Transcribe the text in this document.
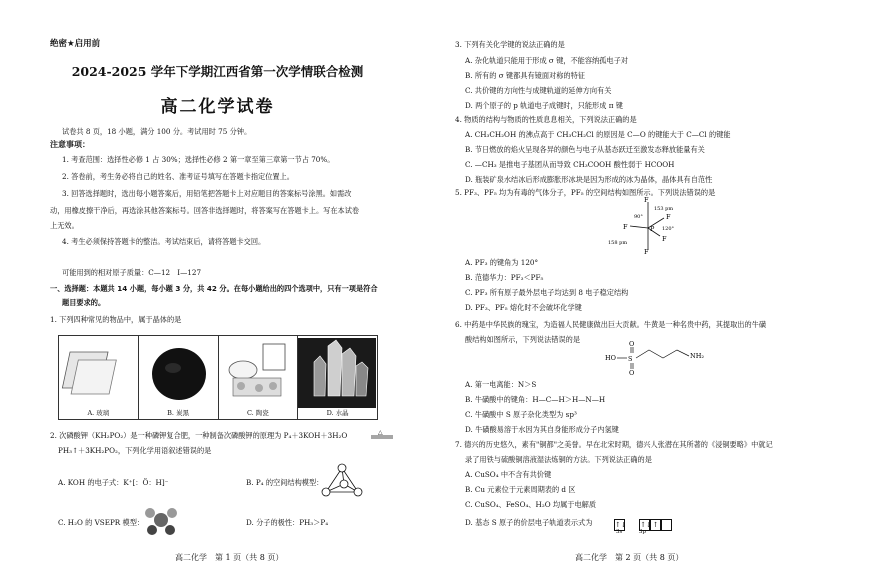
绝密★启用前
2024-2025 学年下学期江西省第一次学情联合检测
高二化学试卷
试卷共 8 页，18 小题，满分 100 分。考试用时 75 分钟。
注意事项：
1. 考查范围：选择性必修 1 占 30%；选择性必修 2 第一章至第三章第一节占 70%。
2. 答卷前，考生务必将自己的姓名、准考证号填写在答题卡指定位置上。
3. 回答选择题时，选出每小题答案后，用铅笔把答题卡上对应题目的答案标号涂黑。如需改
动，用橡皮擦干净后，再选涂其他答案标号。回答非选择题时，将答案写在答题卡上。写在本试卷
上无效。
4. 考生必须保持答题卡的整洁。考试结束后，请将答题卡交回。
可能用到的相对原子质量：C—12　I—127
一、选择题：本题共 14 小题，每小题 3 分，共 42 分。在每小题给出的四个选项中，只有一项是符合
题目要求的。
1. 下列四种常见的物品中，属于晶体的是
A. 玻璃	B. 炭黑	C. 陶瓷	D. 水晶
2. 次磷酸钾（KH₂PO₂）是一种磷钾复合肥，一种制备次磷酸钾的原理为 P₄＋3KOH＋3H₂O	△
PH₃↑＋3KH₂PO₂，下列化学用语叙述错误的是
A. KOH 的电子式：K⁺[：Ö：H]⁻	B. P₄ 的空间结构模型：
C. H₂O 的 VSEPR 模型：	D. 分子的极性：PH₃＞P₄
高二化学　第 1 页（共 8 页）
3. 下列有关化学键的说法正确的是
A. 杂化轨道只能用于形成 σ 键，不能容纳孤电子对
B. 所有的 σ 键都具有镜面对称的特征
C. 共价键的方向性与成键轨道的延伸方向有关
D. 两个原子的 p 轨道电子成键时，只能形成 π 键
4. 物质的结构与物质的性质息息相关，下列说法正确的是
A. CH₃CH₂OH 的沸点高于 CH₃CH₂Cl 的原因是 C—O 的键能大于 C—Cl 的键能
B. 节日燃放的焰火呈现各异的颜色与电子从基态跃迁至激发态释放能量有关
C. —CH₃ 是推电子基团从而导致 CH₃COOH 酸性弱于 HCOOH
D. 瓶装矿泉水结冰后形成膨胀形冰块是因为形成的冰为晶体，晶体具有自范性
5. PF₃、PF₅ 均为有毒的气体分子，PF₅ 的空间结构如图所示。下列说法错误的是
F
F
F
F
F
P
153 pm
158 pm
90°
120°
A. PF₃ 的键角为 120°
B. 范德华力：PF₃＜PF₅
C. PF₃ 所有原子最外层电子均达到 8 电子稳定结构
D. PF₃、PF₅ 熔化时不会破坏化学键
6. 中药是中华民族的瑰宝，为造福人民健康做出巨大贡献。牛黄是一种名贵中药，其提取出的牛磺
酸结构如图所示，下列说法错误的是
HO S
O
O
NH₂
A. 第一电离能：N＞S
B. 牛磺酸中的键角：H—C—H＞H—N—H
C. 牛磺酸中 S 原子杂化类型为 sp³
D. 牛磺酸易溶于水因为其自身能形成分子内氢键
7. 德兴的历史悠久，素有"铜都"之美誉。早在北宋时期，德兴人张潜在其所著的《浸铜要略》中就记
录了用铁与硫酸铜溶液湿法炼铜的方法。下列说法正确的是
A. CuSO₄ 中不含有共价键
B. Cu 元素位于元素周期表的 d 区
C. CuSO₄、FeSO₄、H₂O 均属于电解质
D. 基态 S 原子的价层电子轨道表示式为	↑↓ ↑↓↑
3s	3p
高二化学　第 2 页（共 8 页）
